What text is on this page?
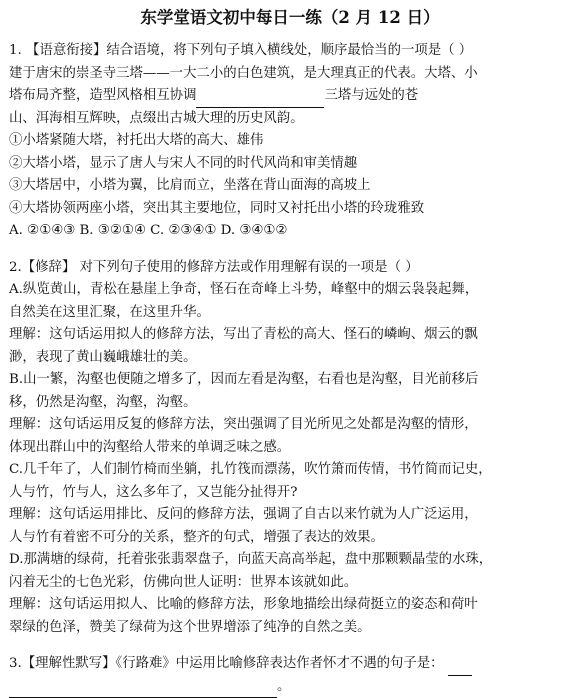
东学堂语文初中每日一练（2 月 12 日）
1. 【语意衔接】结合语境，将下列句子填入横线处，顺序最恰当的一项是（ ）
建于唐宋的崇圣寺三塔——一大二小的白色建筑，是大理真正的代表。大塔、小
塔布局齐整，造型风格相互协调	三塔与远处的苍
山、洱海相互辉映，点缀出古城大理的历史风韵。
①小塔紧随大塔，衬托出大塔的高大、雄伟
②大塔小塔，显示了唐人与宋人不同的时代风尚和审美情趣
③大塔居中，小塔为翼，比肩而立，坐落在背山面海的高坡上
④大塔协领两座小塔，突出其主要地位，同时又衬托出小塔的玲珑雅致
A. ②①④③ B. ③②①④ C. ②③④① D. ③④①②
2.【修辞】 对下列句子使用的修辞方法或作用理解有误的一项是（ ）
A.纵览黄山，青松在悬崖上争奇，怪石在奇峰上斗势，峰壑中的烟云袅袅起舞，
自然美在这里汇聚，在这里升华。
理解：这句话运用拟人的修辞方法，写出了青松的高大、怪石的嶙峋、烟云的飘
渺，表现了黄山巍峨雄壮的美。
B.山一繁，沟壑也便随之增多了，因而左看是沟壑，右看也是沟壑，目光前移后
移，仍然是沟壑，沟壑，沟壑。
理解：这句话运用反复的修辞方法，突出强调了目光所见之处都是沟壑的情形，
体现出群山中的沟壑给人带来的单调乏味之感。
C.几千年了，人们制竹椅而坐躺，扎竹筏而漂荡，吹竹箫而传情，书竹简而记史，
人与竹，竹与人，这么多年了，又岂能分扯得开?
理解：这句话运用排比、反问的修辞方法，强调了自古以来竹就为人广泛运用，
人与竹有着密不可分的关系，整齐的句式，增强了表达的效果。
D.那满塘的绿荷，托着张张翡翠盘子，向蓝天高高举起，盘中那颗颗晶莹的水珠，
闪着无尘的七色光彩，仿佛向世人证明：世界本该就如此。
理解：这句话运用拟人、比喻的修辞方法，形象地描绘出绿荷挺立的姿态和荷叶
翠绿的色泽，赞美了绿荷为这个世界增添了纯净的自然之美。
3.【理解性默写】《行路难》中运用比喻修辞表达作者怀才不遇的句子是：
。
